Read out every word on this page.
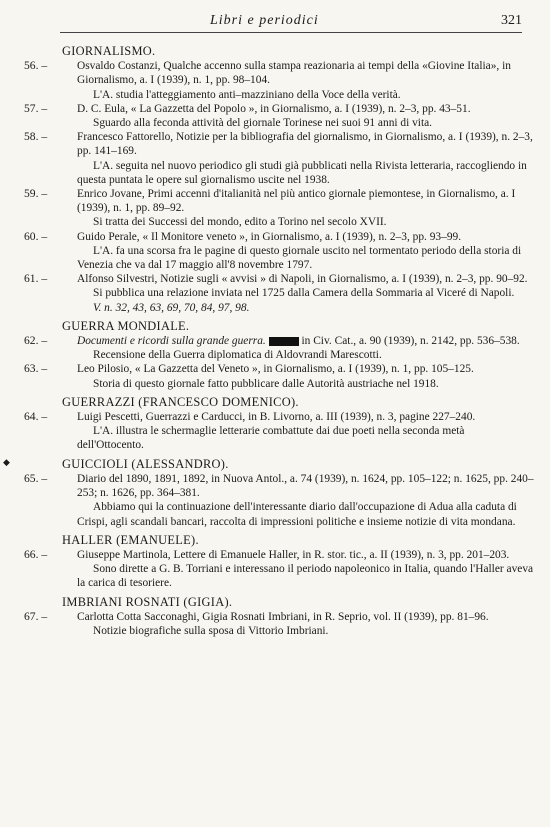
Libri e periodici	321
◆
GIORNALISMO.

56. –	Osvaldo Costanzi, Qualche accenno sulla stampa reazionaria ai tempi della «Giovine Italia», in Giornalismo, a. I (1939), n. 1, pp. 98–104.

L'A. studia l'atteggiamento anti–mazziniano della Voce della verità.

57. –	D. C. Eula, « La Gazzetta del Popolo », in Giornalismo, a. I (1939), n. 2–3, pp. 43–51.

Sguardo alla feconda attività del giornale Torinese nei suoi 91 anni di vita.

58. –	Francesco Fattorello, Notizie per la bibliografia del giornalismo, in Giornalismo, a. I (1939), n. 2–3, pp. 141–169.

L'A. seguita nel nuovo periodico gli studi già pubblicati nella Rivista letteraria, raccogliendo in questa puntata le opere sul giornalismo uscite nel 1938.

59. –	Enrico Jovane, Primi accenni d'italianità nel più antico giornale piemontese, in Giornalismo, a. I (1939), n. 1, pp. 89–92.

Si tratta dei Successi del mondo, edito a Torino nel secolo XVII.

60. –	Guido Perale, « Il Monitore veneto », in Giornalismo, a. I (1939), n. 2–3, pp. 93–99.

L'A. fa una scorsa fra le pagine di questo giornale uscito nel tormentato periodo della storia di Venezia che va dal 17 maggio all'8 novembre 1797.

61. –	Alfonso Silvestri, Notizie sugli « avvisi » di Napoli, in Giornalismo, a. I (1939), n. 2–3, pp. 90–92.

Si pubblica una relazione inviata nel 1725 dalla Camera della Sommaria al Viceré di Napoli.

V. n. 32, 43, 63, 69, 70, 84, 97, 98.

GUERRA MONDIALE.

62. –	Documenti e ricordi sulla grande guerra.	in Civ. Cat., a. 90 (1939), n. 2142, pp. 536–538.

Recensione della Guerra diplomatica di Aldovrandi Marescotti.

63. –	Leo Pilosio, « La Gazzetta del Veneto », in Giornalismo, a. I (1939), n. 1, pp. 105–125.

Storia di questo giornale fatto pubblicare dalle Autorità austriache nel 1918.

GUERRAZZI (FRANCESCO DOMENICO).

64. –	Luigi Pescetti, Guerrazzi e Carducci, in B. Livorno, a. III (1939), n. 3, pagine 227–240.

L'A. illustra le schermaglie letterarie combattute dai due poeti nella seconda metà dell'Ottocento.

GUICCIOLI (ALESSANDRO).

65. –	Diario del 1890, 1891, 1892, in Nuova Antol., a. 74 (1939), n. 1624, pp. 105–122; n. 1625, pp. 240–253; n. 1626, pp. 364–381.

Abbiamo qui la continuazione dell'interessante diario dall'occupazione di Adua alla caduta di Crispi, agli scandali bancari, raccolta di impressioni politiche e insieme notizie di vita mondana.

HALLER (EMANUELE).

66. –	Giuseppe Martinola, Lettere di Emanuele Haller, in R. stor. tic., a. II (1939), n. 3, pp. 201–203.

Sono dirette a G. B. Torriani e interessano il periodo napoleonico in Italia, quando l'Haller aveva la carica di tesoriere.

IMBRIANI ROSNATI (GIGIA).

67. –	Carlotta Cotta Sacconaghi, Gigia Rosnati Imbriani, in R. Seprio, vol. II (1939), pp. 81–96.

Notizie biografiche sulla sposa di Vittorio Imbriani.
